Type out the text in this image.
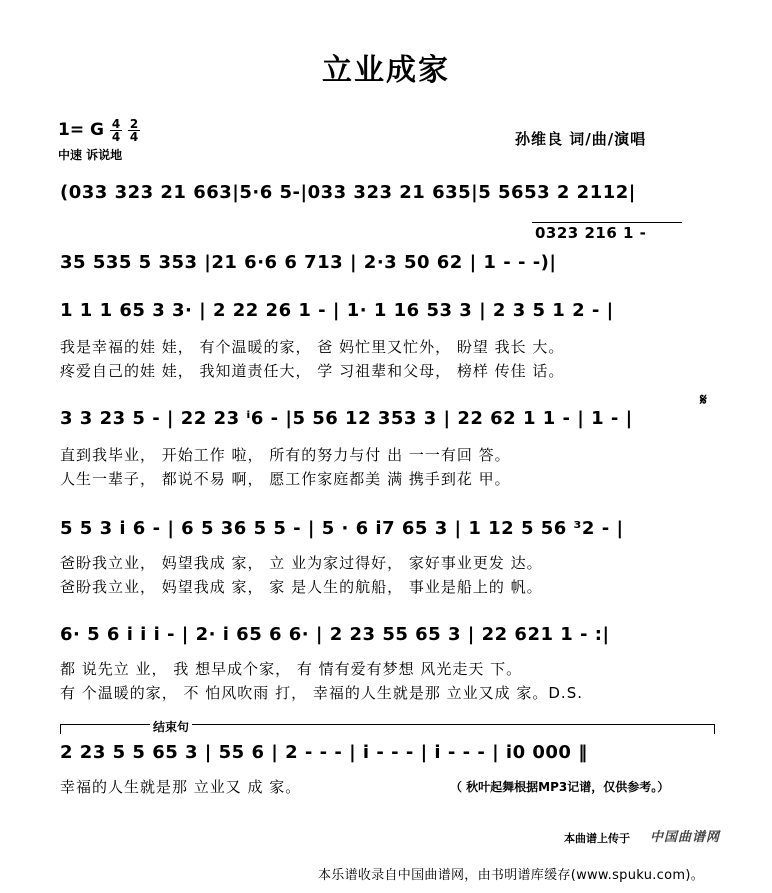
立业成家
1= G $\frac{4}{4} \frac{2}{4}$
中速 诉说地
孙维良 词/曲/演唱
(033 323 21 663|5·6 5-|033 323 21 635|5 5653 2 2112|
0323 216 1 -
35 535 5 353 |21 6·6 6 713 | 2·3 50 62 | 1 - - -)|
1 1 1 65 3 3· | 2 22 26 1 - | 1· 1 16 53 3 | 2 3 5 1 2 - |
我是幸福的娃 娃， 有个温暖的家， 爸 妈忙里又忙外， 盼望 我长 大。
疼爱自己的娃 娃， 我知道责任大， 学 习祖辈和父母， 榜样 传佳 话。
𝄋
3 3 23 5 - | 22 23 ⁱ6 - |5 56 12 353 3 | 22 62 1 1 - | 1 - |
直到我毕业， 开始工作 啦， 所有的努力与付 出 一一有回 答。
人生一辈子， 都说不易 啊， 愿工作家庭都美 满 携手到花 甲。
5 5 3 i 6 - | 6 5 36 5 5 - | 5 · 6 i7 65 3 | 1 12 5 56 ³2 - |
爸盼我立业， 妈望我成 家， 立 业为家过得好， 家好事业更发 达。
爸盼我立业， 妈望我成 家， 家 是人生的航船， 事业是船上的 帆。
6· 5 6 i i i - | 2· i 65 6 6· | 2 23 55 65 3 | 22 621 1 - :|
都 说先立 业， 我 想早成个家， 有 情有爱有梦想 风光走天 下。
有 个温暖的家， 不 怕风吹雨 打， 幸福的人生就是那 立业又成 家。D.S.
结束句
2 23 5 5 65 3 | 55 6 | 2 - - - | i - - - | i - - - | i0 000 ‖
幸福的人生就是那 立业又 成 家。	（ 秋叶起舞根据MP3记谱，仅供参考。）
本曲谱上传于 中国曲谱网
本乐谱收录自中国曲谱网，由书明谱库缓存(www.spuku.com)。
